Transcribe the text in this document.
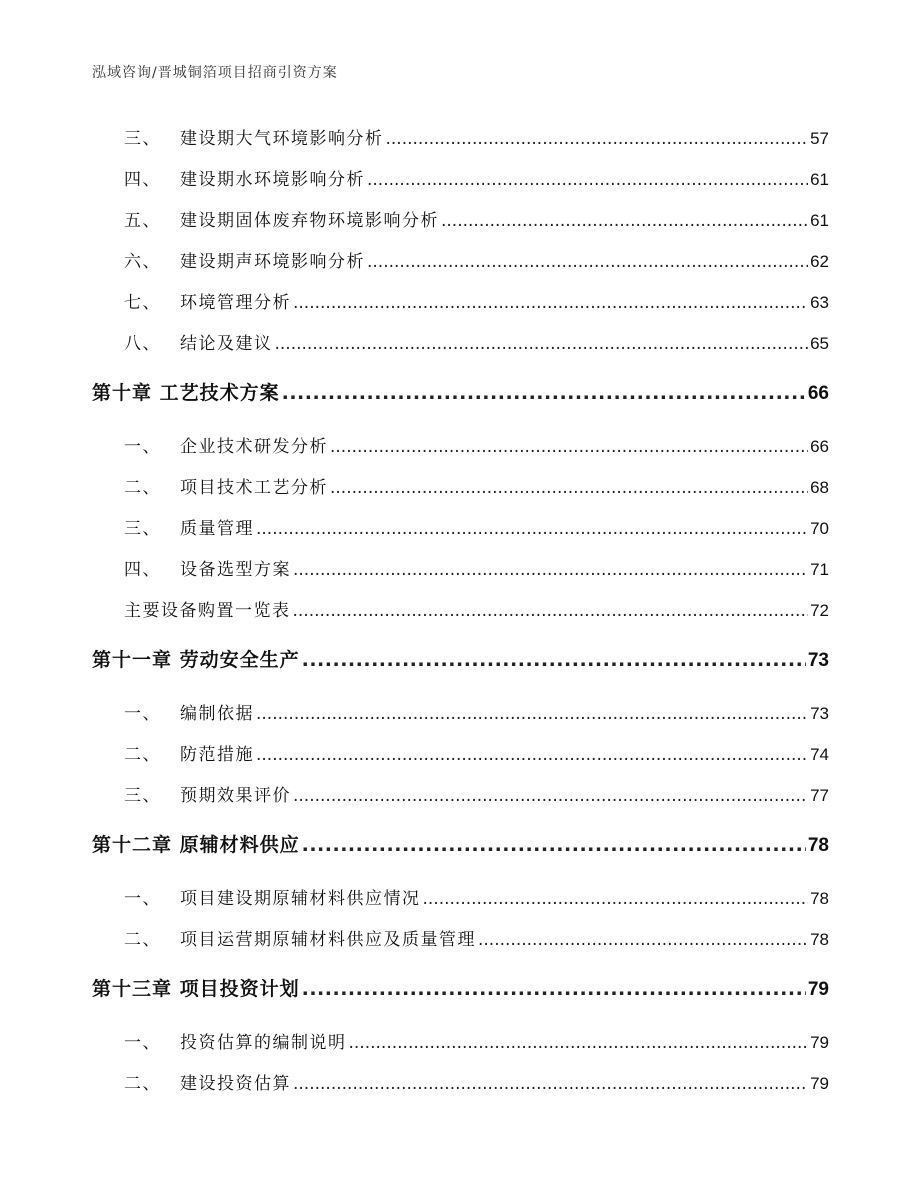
泓域咨询/晋城铜箔项目招商引资方案
三、	建设期大气环境影响分析 .....	57
四、	建设期水环境影响分析 .....	61
五、	建设期固体废弃物环境影响分析 .....	61
六、	建设期声环境影响分析 .....	62
七、	环境管理分析 .....	63
八、	结论及建议 .....	65
第十章 工艺技术方案 .....	66
一、	企业技术研发分析 .....	66
二、	项目技术工艺分析 .....	68
三、	质量管理 .....	70
四、	设备选型方案 .....	71
主要设备购置一览表 .....	72
第十一章 劳动安全生产 .....	73
一、	编制依据 .....	73
二、	防范措施 .....	74
三、	预期效果评价 .....	77
第十二章 原辅材料供应 .....	78
一、	项目建设期原辅材料供应情况 .....	78
二、	项目运营期原辅材料供应及质量管理 .....	78
第十三章 项目投资计划 .....	79
一、	投资估算的编制说明 .....	79
二、	建设投资估算 .....	79
